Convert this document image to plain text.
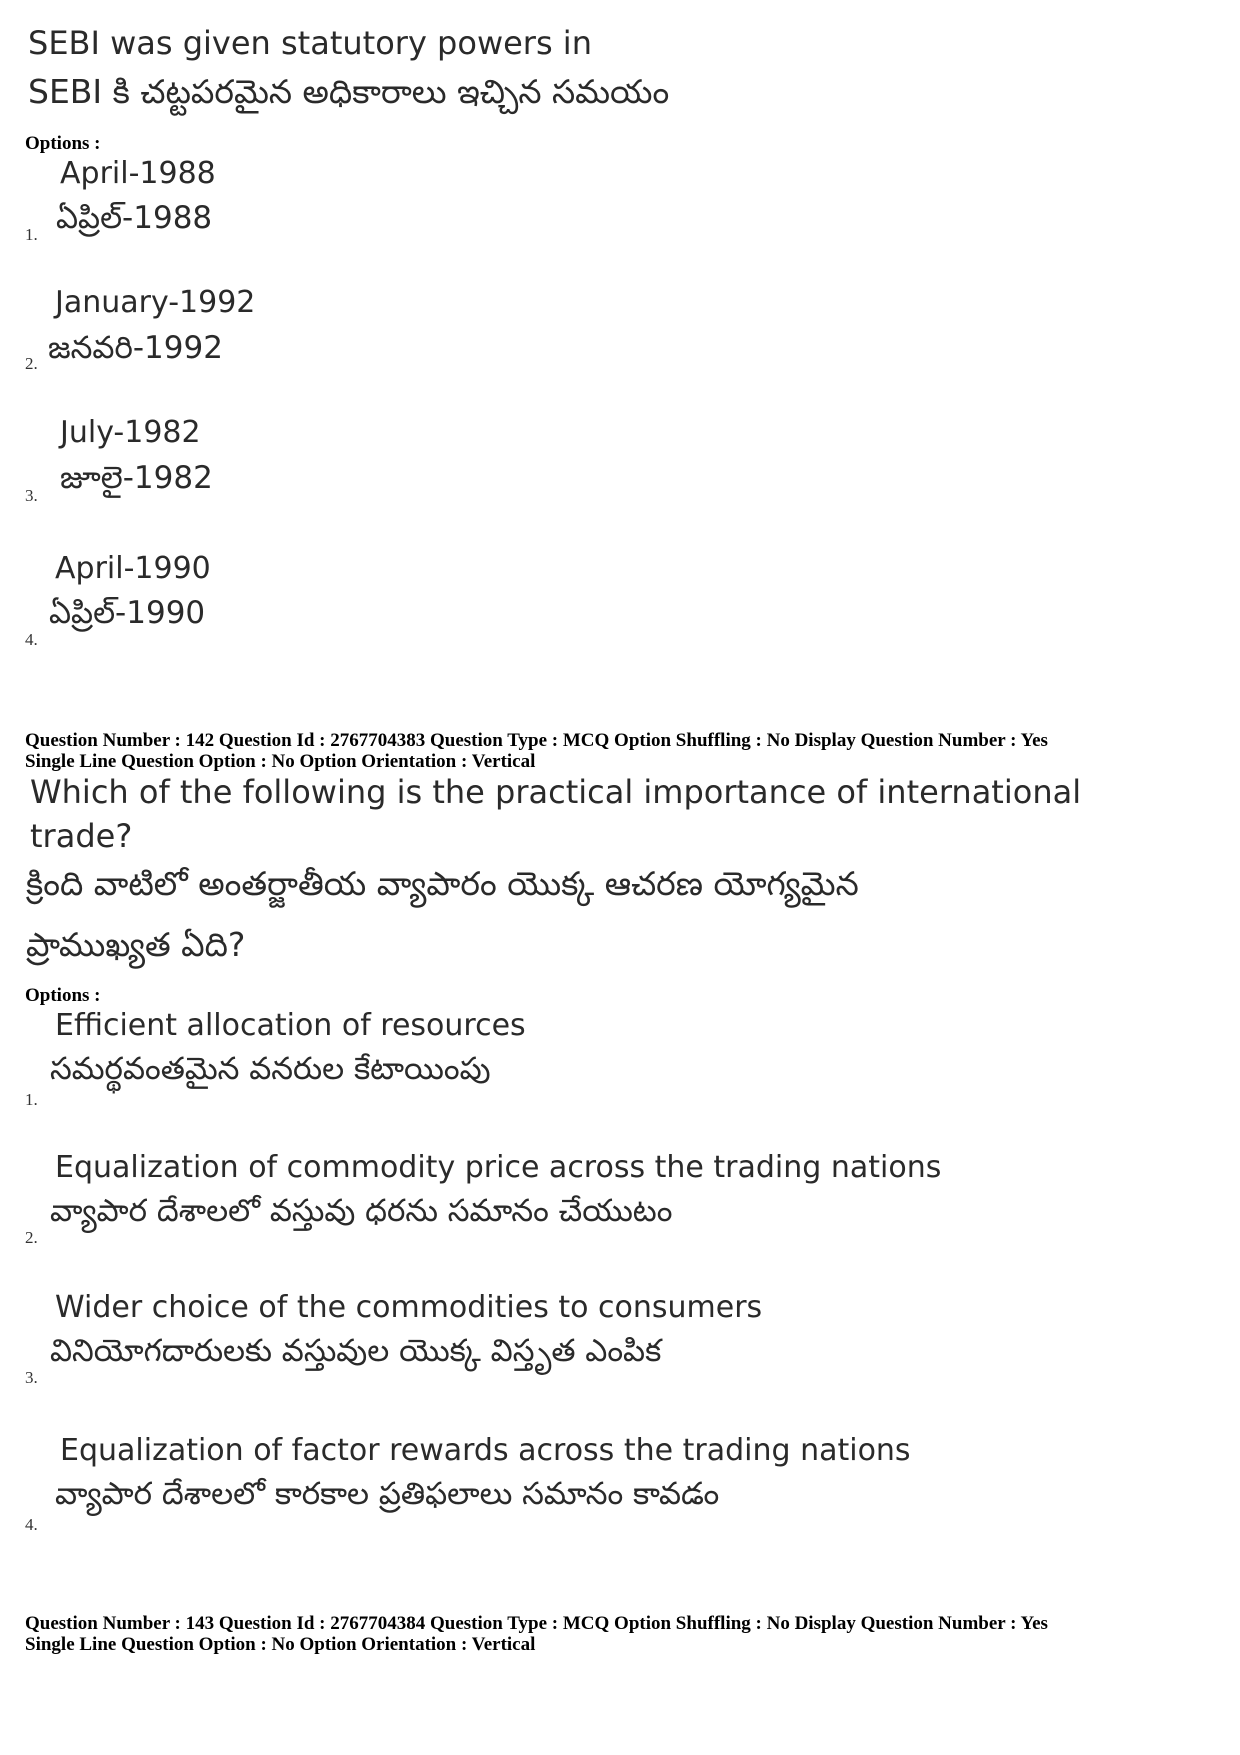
SEBI was given statutory powers in
SEBI కి చట్టపరమైన అధికారాలు ఇచ్చిన సమయం
Options :
April-1988
ఏప్రిల్-1988
1.
January-1992
జనవరి-1992
2.
July-1982
జూలై-1982
3.
April-1990
ఏప్రిల్-1990
4.
Question Number : 142 Question Id : 2767704383 Question Type : MCQ Option Shuffling : No Display Question Number : Yes
Single Line Question Option : No Option Orientation : Vertical
Which of the following is the practical importance of international
trade?
క్రింది వాటిలో అంతర్జాతీయ వ్యాపారం యొక్క ఆచరణ యోగ్యమైన
ప్రాముఖ్యత ఏది?
Options :
Efficient allocation of resources
సమర్థవంతమైన వనరుల కేటాయింపు
1.
Equalization of commodity price across the trading nations
వ్యాపార దేశాలలో వస్తువు ధరను సమానం చేయుటం
2.
Wider choice of the commodities to consumers
వినియోగదారులకు వస్తువుల యొక్క విస్తృత ఎంపిక
3.
Equalization of factor rewards across the trading nations
వ్యాపార దేశాలలో కారకాల ప్రతిఫలాలు సమానం కావడం
4.
Question Number : 143 Question Id : 2767704384 Question Type : MCQ Option Shuffling : No Display Question Number : Yes
Single Line Question Option : No Option Orientation : Vertical
